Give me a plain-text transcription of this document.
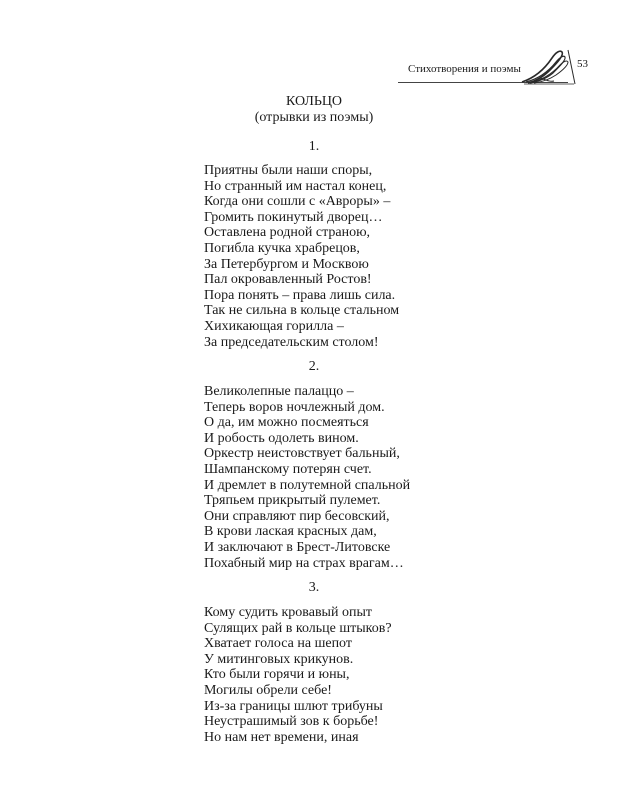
Стихотворения и поэмы	53
КОЛЬЦО
(отрывки из поэмы)
1.
Приятны были наши споры,
Но странный им настал конец,
Когда они сошли с «Авроры» –
Громить покинутый дворец…
Оставлена родной страною,
Погибла кучка храбрецов,
За Петербургом и Москвою
Пал окровавленный Ростов!
Пора понять – права лишь сила.
Так не сильна в кольце стальном
Хихикающая горилла –
За председательским столом!
2.
Великолепные палаццо –
Теперь воров ночлежный дом.
О да, им можно посмеяться
И робость одолеть вином.
Оркестр неистовствует бальный,
Шампанскому потерян счет.
И дремлет в полутемной спальной
Тряпьем прикрытый пулемет.
Они справляют пир бесовский,
В крови лаская красных дам,
И заключают в Брест-Литовске
Похабный мир на страх врагам…
3.
Кому судить кровавый опыт
Сулящих рай в кольце штыков?
Хватает голоса на шепот
У митинговых крикунов.
Кто были горячи и юны,
Могилы обрели себе!
Из-за границы шлют трибуны
Неустрашимый зов к борьбе!
Но нам нет времени, иная
